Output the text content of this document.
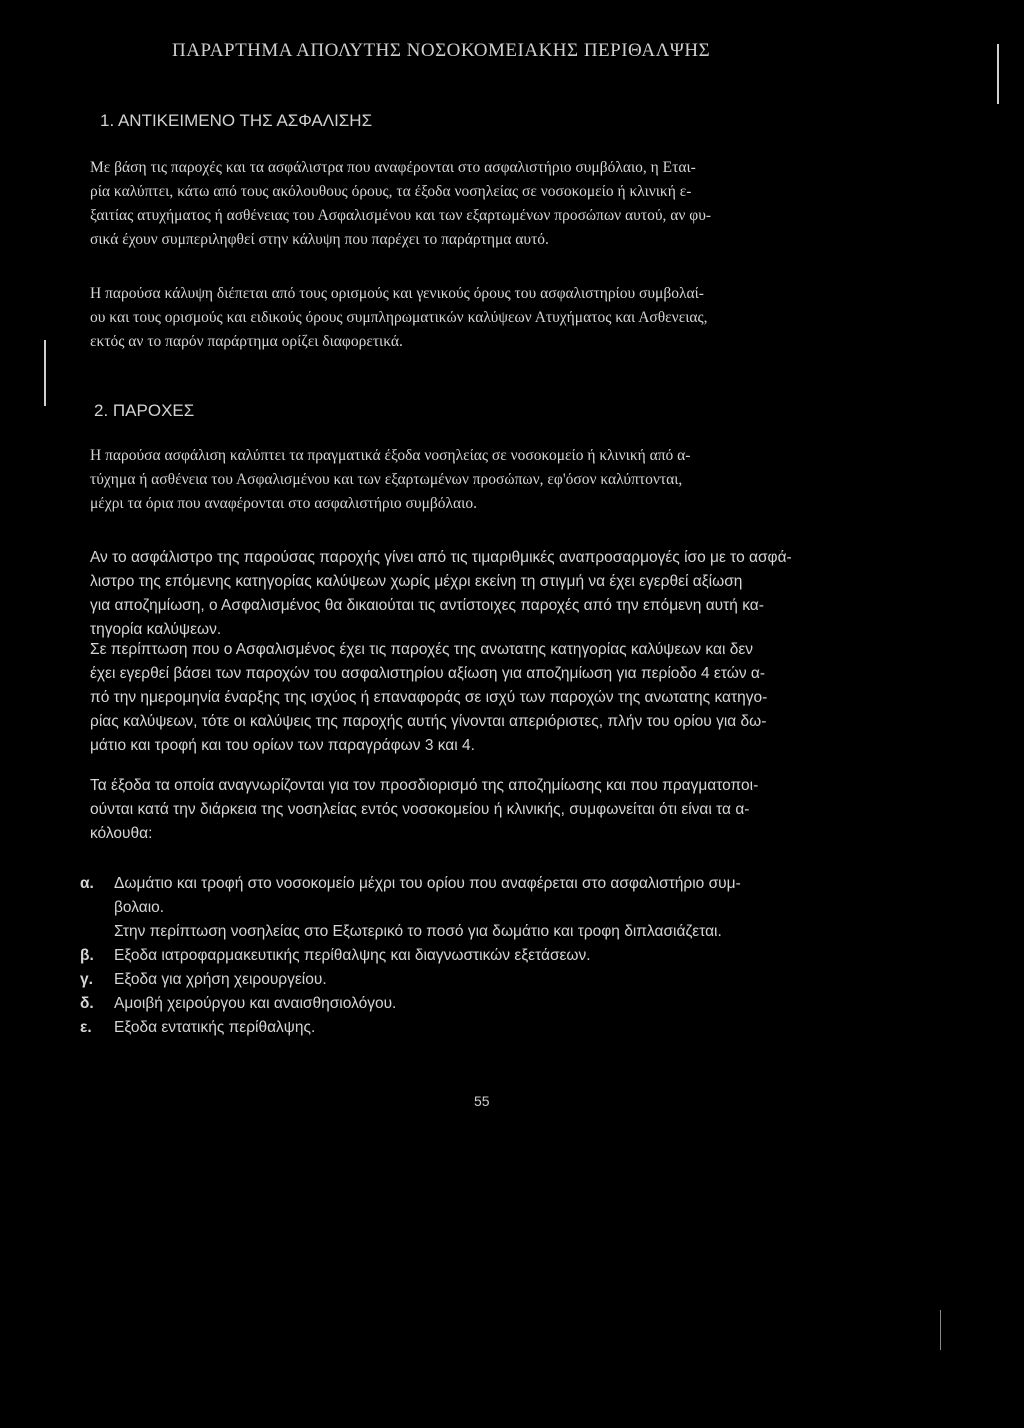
ΠΑΡΑΡΤΗΜΑ ΑΠΟΛΥΤΗΣ ΝΟΣΟΚΟΜΕΙΑΚΗΣ ΠΕΡΙΘΑΛΨΗΣ
1. ΑΝΤΙΚΕΙΜΕΝΟ ΤΗΣ ΑΣΦΑΛΙΣΗΣ
Με βάση τις παροχές και τα ασφάλιστρα που αναφέρονται στο ασφαλιστήριο συμβόλαιο, η Εται-
ρία καλύπτει, κάτω από τους ακόλουθους όρους, τα έξοδα νοσηλείας σε νοσοκομείο ή κλινική ε-
ξαιτίας ατυχήματος ή ασθένειας του Ασφαλισμένου και των εξαρτωμένων προσώπων αυτού, αν φυ-
σικά έχουν συμπεριληφθεί στην κάλυψη που παρέχει το παράρτημα αυτό.
Η παρούσα κάλυψη διέπεται από τους ορισμούς και γενικούς όρους του ασφαλιστηρίου συμβολαί-
ου και τους ορισμούς και ειδικούς όρους συμπληρωματικών καλύψεων Ατυχήματος και Ασθενειας,
εκτός αν το παρόν παράρτημα ορίζει διαφορετικά.
2. ΠΑΡΟΧΕΣ
Η παρούσα ασφάλιση καλύπτει τα πραγματικά έξοδα νοσηλείας σε νοσοκομείο ή κλινική από α-
τύχημα ή ασθένεια του Ασφαλισμένου και των εξαρτωμένων προσώπων, εφ'όσον καλύπτονται,
μέχρι τα όρια που αναφέρονται στο ασφαλιστήριο συμβόλαιο.
Αν το ασφάλιστρο της παρούσας παροχής γίνει από τις τιμαριθμικές αναπροσαρμογές ίσο με το ασφά-
λιστρο της επόμενης κατηγορίας καλύψεων χωρίς μέχρι εκείνη τη στιγμή να έχει εγερθεί αξίωση
για αποζημίωση, ο Ασφαλισμένος θα δικαιούται τις αντίστοιχες παροχές από την επόμενη αυτή κα-
τηγορία καλύψεων.
Σε περίπτωση που ο Ασφαλισμένος έχει τις παροχές της ανωτατης κατηγορίας καλύψεων και δεν
έχει εγερθεί βάσει των παροχών του ασφαλιστηρίου αξίωση για αποζημίωση για περίοδο 4 ετών α-
πό την ημερομηνία έναρξης της ισχύος ή επαναφοράς σε ισχύ των παροχών της ανωτατης κατηγο-
ρίας καλύψεων, τότε οι καλύψεις της παροχής αυτής γίνονται απεριόριστες, πλήν του ορίου για δω-
μάτιο και τροφή και του ορίων των παραγράφων 3 και 4.
Τα έξοδα τα οποία αναγνωρίζονται για τον προσδιορισμό της αποζημίωσης και που πραγματοποι-
ούνται κατά την διάρκεια της νοσηλείας εντός νοσοκομείου ή κλινικής, συμφωνείται ότι είναι τα α-
κόλουθα:
α. Δωμάτιο και τροφή στο νοσοκομείο μέχρι του ορίου που αναφέρεται στο ασφαλιστήριο συμ-
βολαιο.
Στην περίπτωση νοσηλείας στο Εξωτερικό το ποσό για δωμάτιο και τροφη διπλασιάζεται.
β. Εξοδα ιατροφαρμακευτικής περίθαλψης και διαγνωστικών εξετάσεων.
γ. Εξοδα για χρήση χειρουργείου.
δ. Αμοιβή χειρούργου και αναισθησιολόγου.
ε. Εξοδα εντατικής περίθαλψης.
55
